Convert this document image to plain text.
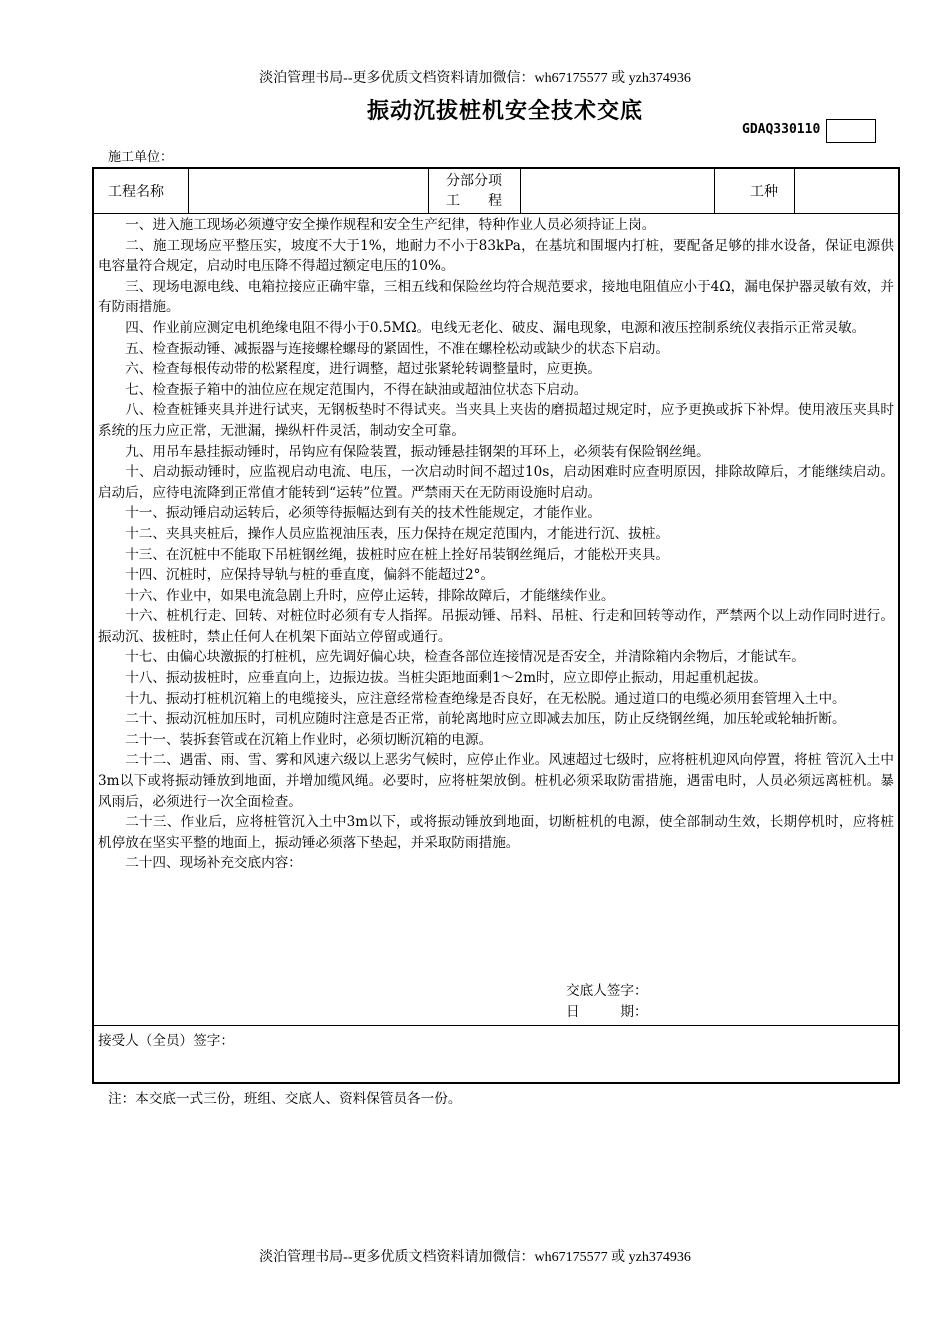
淡泊管理书局--更多优质文档资料请加微信：wh67175577 或 yzh374936
振动沉拔桩机安全技术交底
GDAQ330110
施工单位：
工程名称
分部分项
工　　程
工种

一、进入施工现场必须遵守安全操作规程和安全生产纪律，特种作业人员必须持证上岗。

二、施工现场应平整压实，坡度不大于1%，地耐力不小于83kPa，在基坑和围堰内打桩，要配备足够的排水设备，保证电源供电容量符合规定，启动时电压降不得超过额定电压的10%。

三、现场电源电线、电箱拉接应正确牢靠，三相五线和保险丝均符合规范要求，接地电阻值应小于4Ω，漏电保护器灵敏有效，并有防雨措施。

四、作业前应测定电机绝缘电阻不得小于0.5MΩ。电线无老化、破皮、漏电现象，电源和液压控制系统仪表指示正常灵敏。

五、检查振动锤、减振器与连接螺栓螺母的紧固性，不准在螺栓松动或缺少的状态下启动。

六、检查每根传动带的松紧程度，进行调整，超过张紧轮转调整量时，应更换。

七、检查振子箱中的油位应在规定范围内，不得在缺油或超油位状态下启动。

八、检查桩锤夹具并进行试夹，无钢板垫时不得试夹。当夹具上夹齿的磨损超过规定时，应予更换或拆下补焊。使用液压夹具时系统的压力应正常，无泄漏，操纵杆件灵活，制动安全可靠。

九、用吊车悬挂振动锤时，吊钩应有保险装置，振动锤悬挂钢架的耳环上，必须装有保险钢丝绳。

十、启动振动锤时，应监视启动电流、电压，一次启动时间不超过10s，启动困难时应查明原因，排除故障后，才能继续启动。启动后，应待电流降到正常值才能转到“运转”位置。严禁雨天在无防雨设施时启动。

十一、振动锤启动运转后，必须等待振幅达到有关的技术性能规定，才能作业。

十二、夹具夹桩后，操作人员应监视油压表，压力保持在规定范围内，才能进行沉、拔桩。

十三、在沉桩中不能取下吊桩钢丝绳，拔桩时应在桩上拴好吊装钢丝绳后，才能松开夹具。

十四、沉桩时，应保持导轨与桩的垂直度，偏斜不能超过2°。

十六、作业中，如果电流急剧上升时，应停止运转，排除故障后，才能继续作业。

十六、桩机行走、回转、对桩位时必须有专人指挥。吊振动锤、吊料、吊桩、行走和回转等动作，严禁两个以上动作同时进行。振动沉、拔桩时，禁止任何人在机架下面站立停留或通行。

十七、由偏心块激振的打桩机，应先调好偏心块，检查各部位连接情况是否安全，并清除箱内余物后，才能试车。

十八、振动拔桩时，应垂直向上，边振边拔。当桩尖距地面剩1～2m时，应立即停止振动，用起重机起拔。

十九、振动打桩机沉箱上的电缆接头，应注意经常检查绝缘是否良好，在无松脱。通过道口的电缆必须用套管埋入土中。

二十、振动沉桩加压时，司机应随时注意是否正常，前轮离地时应立即减去加压，防止反绕钢丝绳，加压轮或轮轴折断。

二十一、装拆套管或在沉箱上作业时，必须切断沉箱的电源。

二十二、遇雷、雨、雪、雾和风速六级以上恶劣气候时，应停止作业。风速超过七级时，应将桩机迎风向停置，将桩 管沉入土中3m以下或将振动锤放到地面，并增加缆风绳。必要时，应将桩架放倒。桩机必须采取防雷措施，遇雷电时，人员必须远离桩机。暴风雨后，必须进行一次全面检查。

二十三、作业后，应将桩管沉入土中3m以下，或将振动锤放到地面，切断桩机的电源，使全部制动生效，长期停机时，应将桩机停放在坚实平整的地面上，振动锤必须落下垫起，并采取防雨措施。

二十四、现场补充交底内容：

交底人签字：
日　　　期：
接受人（全员）签字：
注：本交底一式三份，班组、交底人、资料保管员各一份。
淡泊管理书局--更多优质文档资料请加微信：wh67175577 或 yzh374936
